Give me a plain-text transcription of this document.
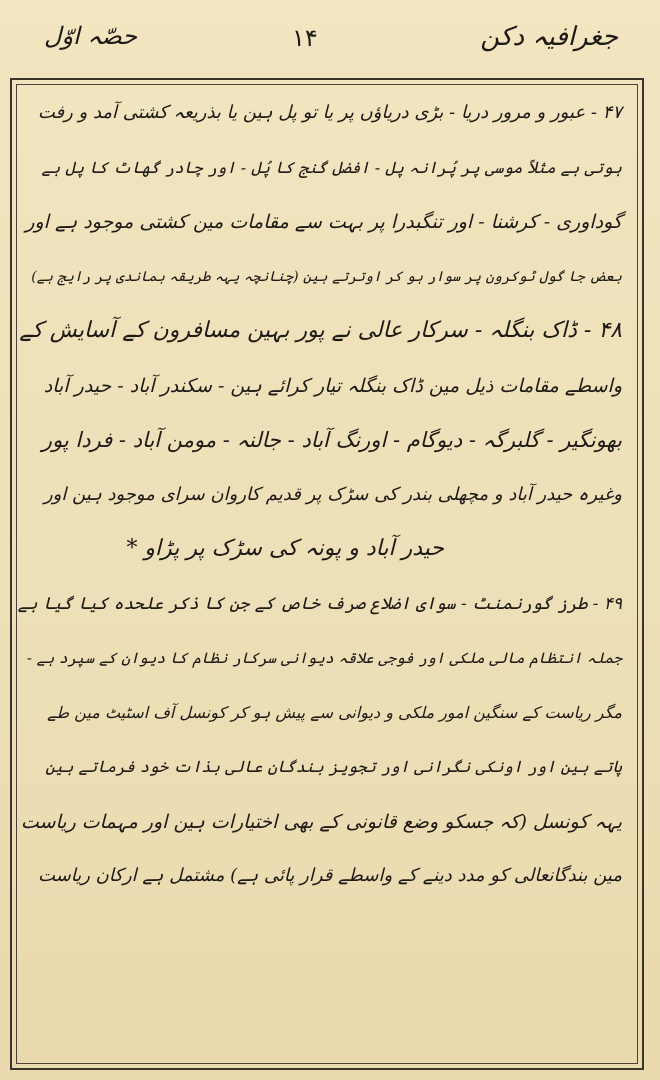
جغرافیہ دکن
۱۴
حصّہ اوّل
۴۷ - عبور و مرور دریا - بڑی دریاؤں پر یا تو پل ہین یا بذریعہ کشتی آمد و رفت
ہوتی ہے مثلاً موسی پر پُرانہ پل - افضل گنج کا پُل - اور چادر گھاٹ کا پل ہے
گوداوری - کرشنا - اور تنگبدرا پر بہت سے مقامات مین کشتی موجود ہے اور
بعض جا گول ٹوکرون پر سوار ہو کر اوترتے ہین (چنانچہ یہہ طریقہ ہماندی پر رایج ہے)
۴۸ - ڈاک بنگلہ - سرکار عالی نے پور بہین مسافرون کے آسایش کے
واسطے مقامات ذیل مین ڈاک بنگلہ تیار کرائے ہین - سکندر آباد - حیدر آباد
بھونگیر - گلبرگہ - دیوگام - اورنگ آباد - جالنہ - مومن آباد - فردا پور
وغیرہ حیدر آباد و مچھلی بندر کی سڑک پر قدیم کاروان سرای موجود ہین اور
حیدر آباد و پونہ کی سڑک پر پڑاو *
۴۹ - طرز گورنمنٹ - سوای اضلاع صرف خاص کے جن کا ذکر علحدہ کیا گیا ہے
جملہ انتظام مالی ملکی اور فوجی علاقہ دیوانی سرکار نظام کا دیوان کے سپرد ہے -
مگر ریاست کے سنگین امور ملکی و دیوانی سے پیش ہو کر کونسل آف اسٹیٹ مین طے
پاتے ہین اور اونکی نگرانی اور تجویز بندگان عالی بذات خود فرماتے ہین
یہہ کونسل (کہ جسکو وضع قانونی کے بھی اختیارات ہین اور مہمات ریاست
مین بندگانعالی کو مدد دینے کے واسطے قرار پائی ہے) مشتمل ہے ارکان ریاست
